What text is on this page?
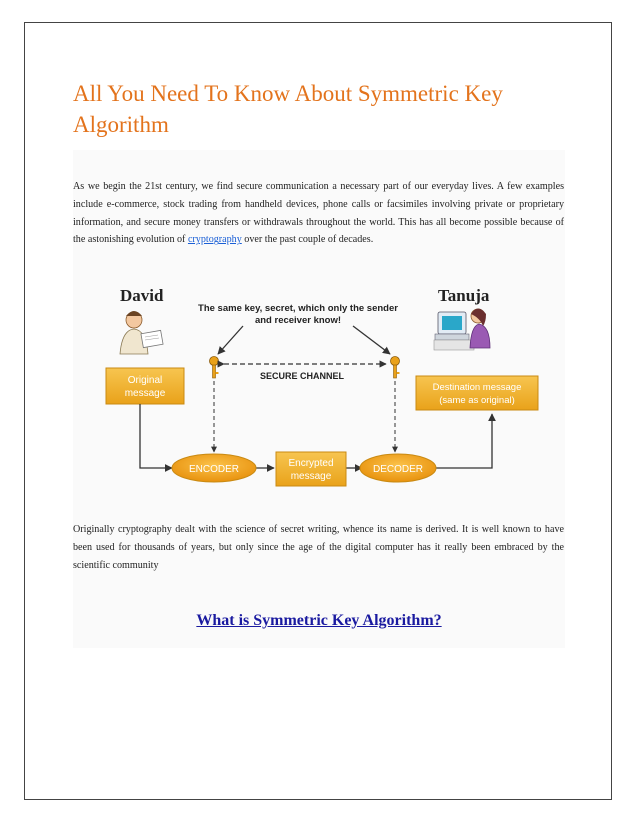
All You Need To Know About Symmetric Key Algorithm

As we begin the 21st century, we find secure communication a necessary part of our everyday lives. A few examples include e-commerce, stock trading from handheld devices, phone calls or facsimiles involving private or proprietary information, and secure money transfers or withdrawals throughout the world. This has all become possible because of the astonishing evolution of cryptography over the past couple of decades.

David	Tanuja
The same key, secret, which only the sender
and receiver know!
SECURE CHANNEL
Original
message
Destination message
(same as original)
ENCODER
Encrypted
message
DECODER

Originally cryptography dealt with the science of secret writing, whence its name is derived. It is well known to have been used for thousands of years, but only since the age of the digital computer has it really been embraced by the scientific community

What is Symmetric Key Algorithm?
